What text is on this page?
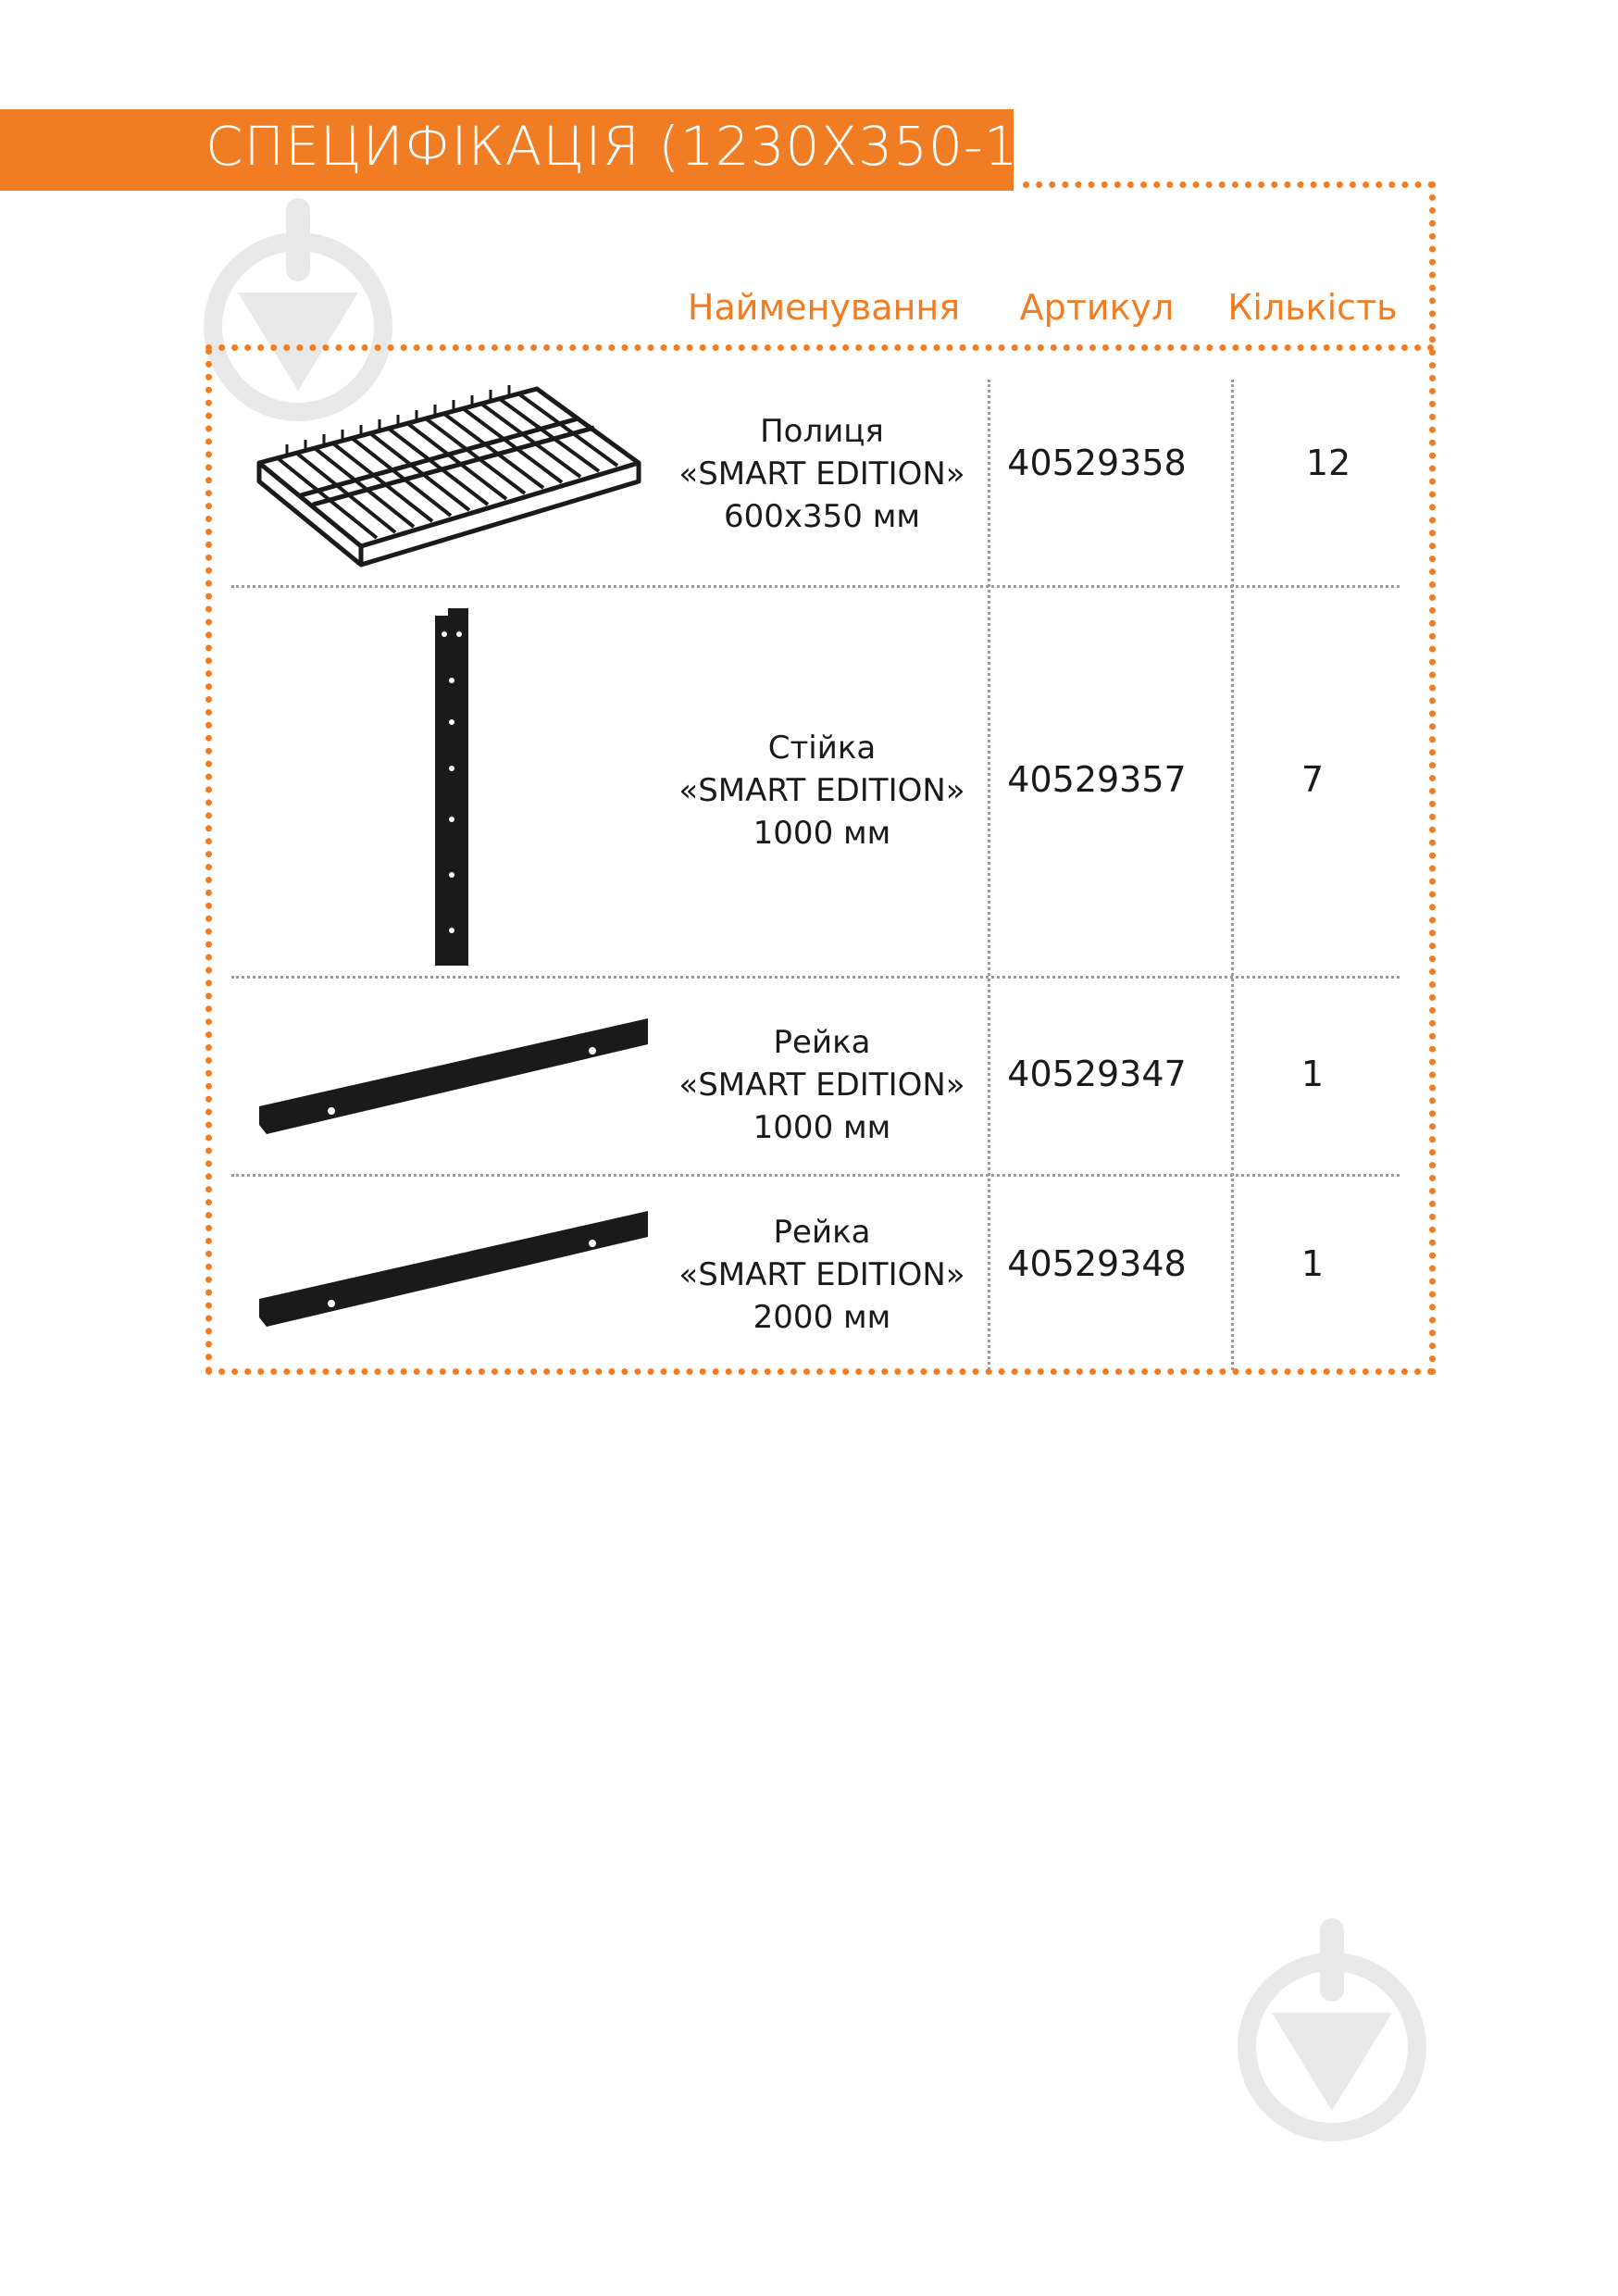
СПЕЦИФІКАЦІЯ (1230Х350-12)
Найменування Артикул Кількість
Полиця
«SMART EDITION»
600х350 мм
40529358	12
Стійка
«SMART EDITION»
1000 мм
40529357	7
Рейка
«SMART EDITION»
1000 мм
40529347	1
Рейка
«SMART EDITION»
2000 мм
40529348	1
